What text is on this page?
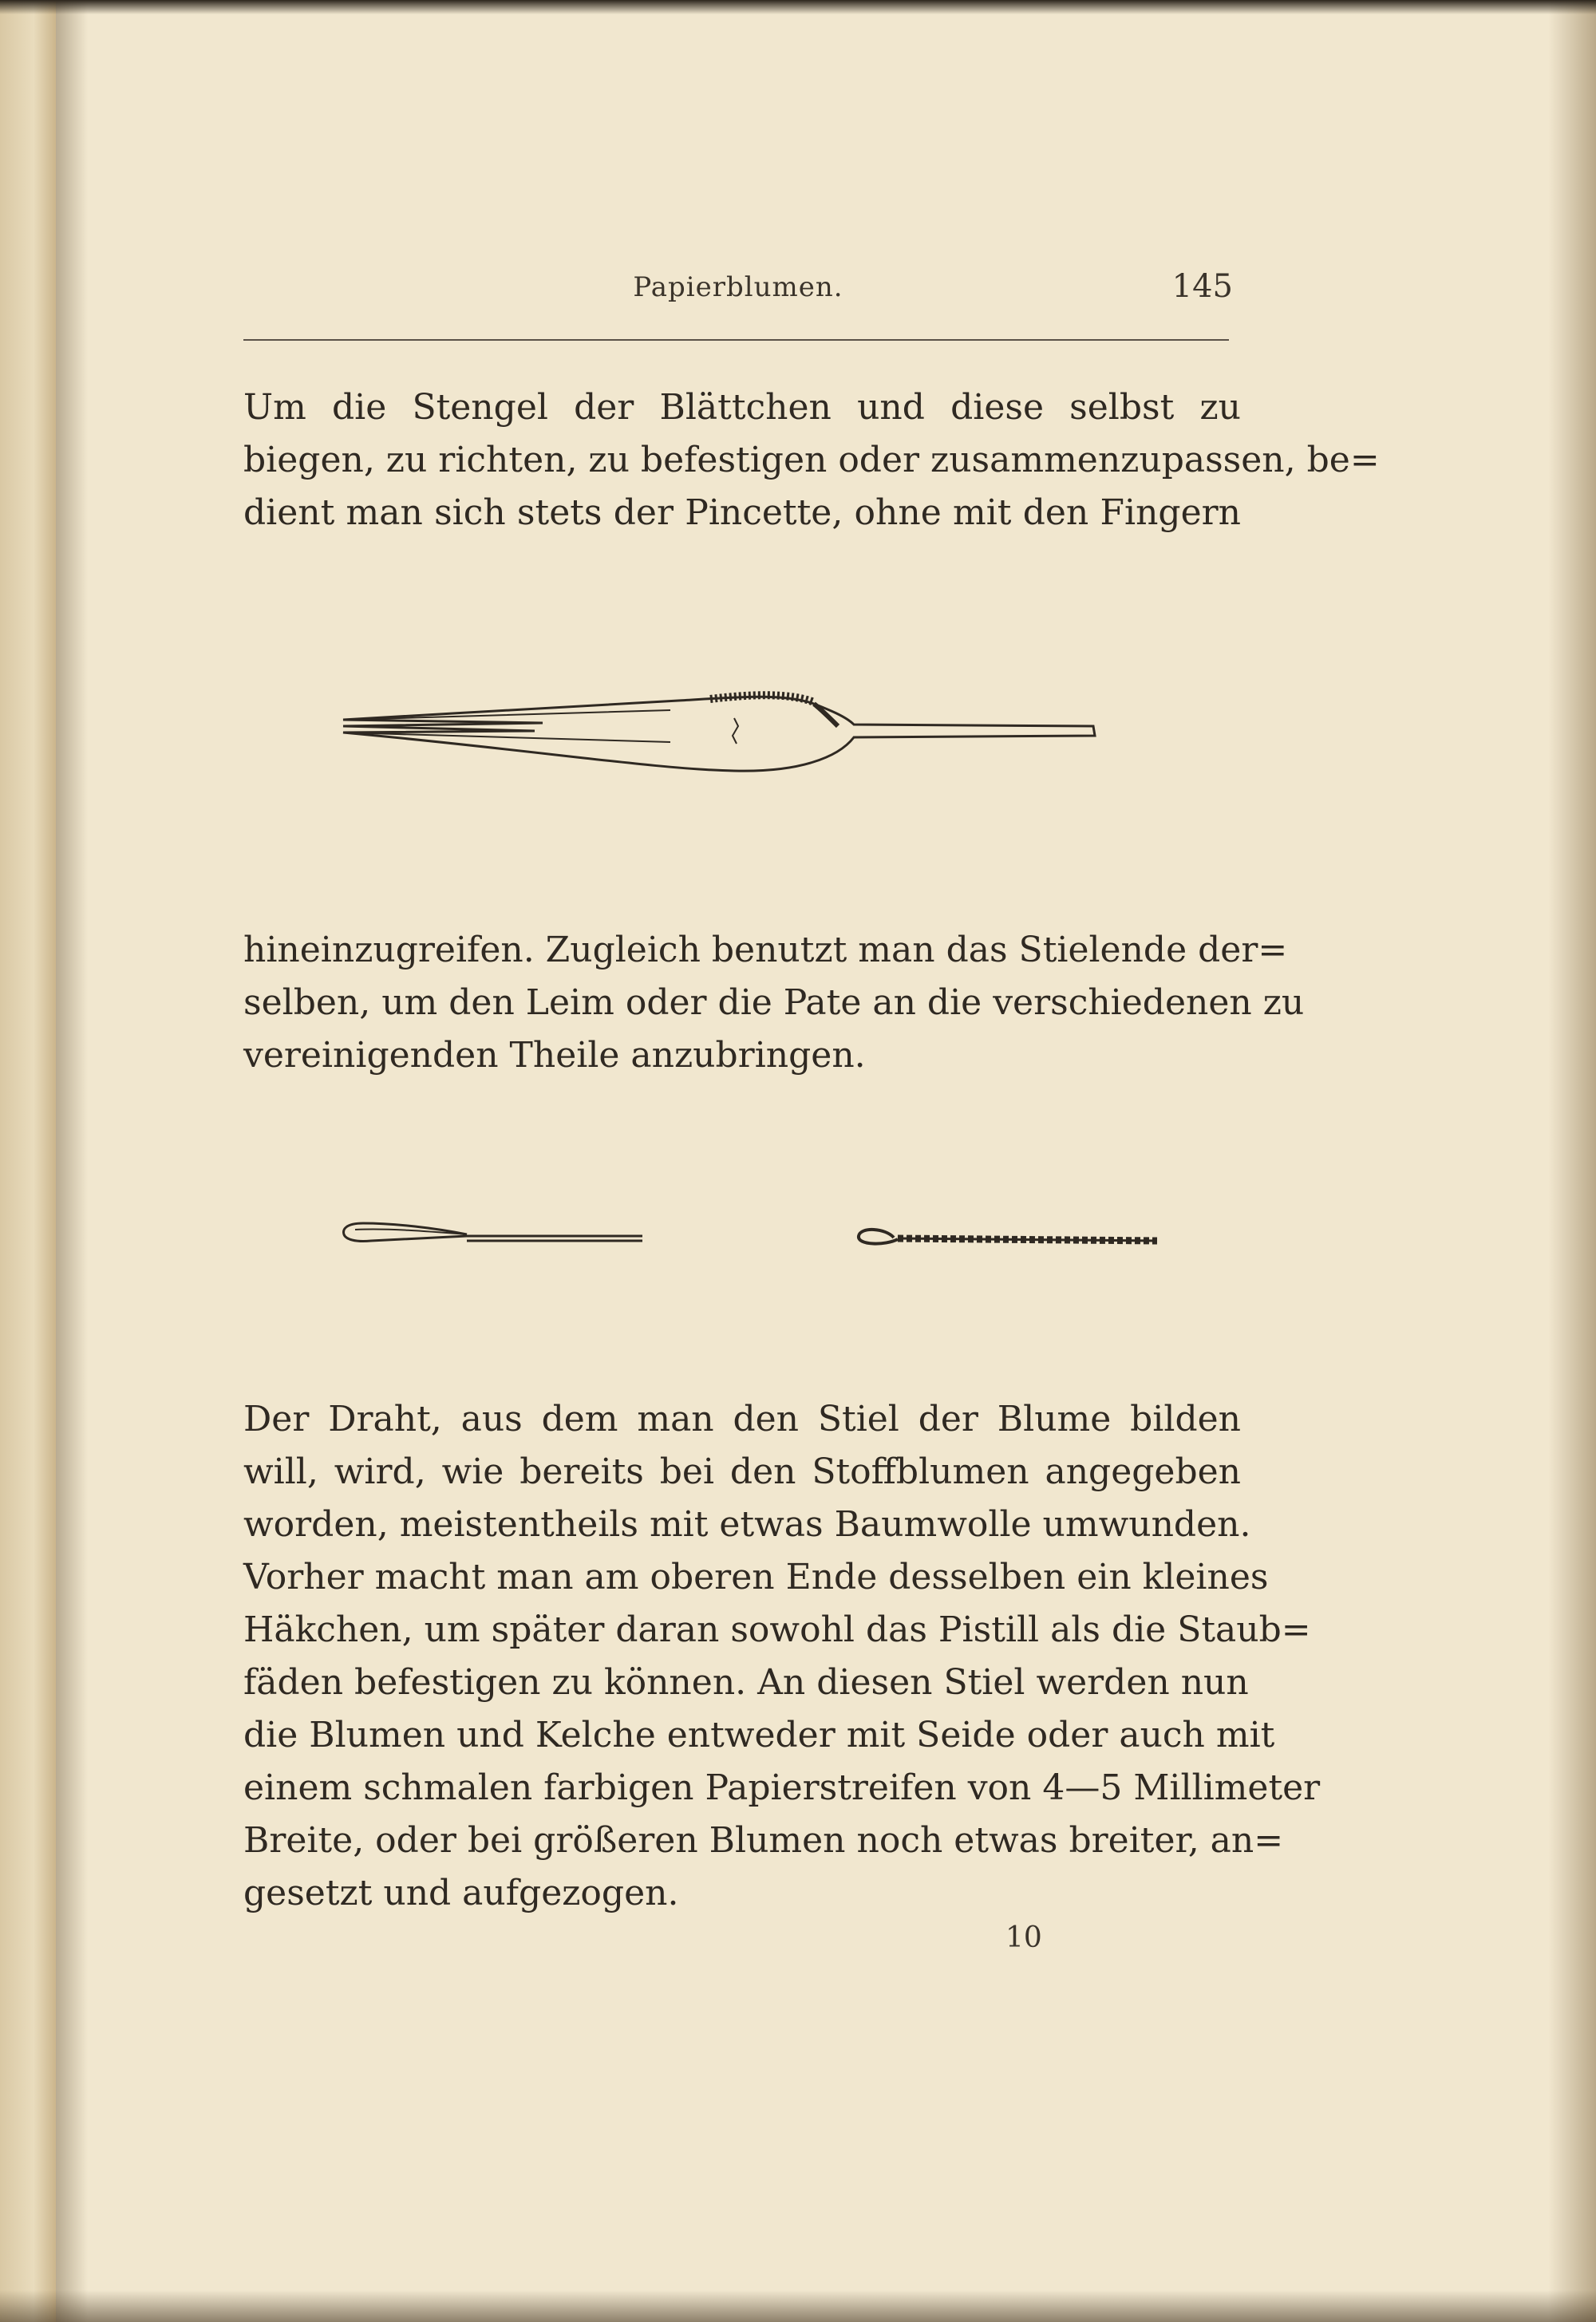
Papierblumen.	145
Um die Stengel der Blättchen und diese selbst zu
biegen, zu richten, zu befestigen oder zusammenzupassen, be=
dient man sich stets der Pincette, ohne mit den Fingern
hineinzugreifen. Zugleich benutzt man das Stielende der=
selben, um den Leim oder die Pate an die verschiedenen zu
vereinigenden Theile anzubringen.
Der Draht, aus dem man den Stiel der Blume bilden
will, wird, wie bereits bei den Stoffblumen angegeben
worden, meistentheils mit etwas Baumwolle umwunden.
Vorher macht man am oberen Ende desselben ein kleines
Häkchen, um später daran sowohl das Pistill als die Staub=
fäden befestigen zu können. An diesen Stiel werden nun
die Blumen und Kelche entweder mit Seide oder auch mit
einem schmalen farbigen Papierstreifen von 4—5 Millimeter
Breite, oder bei größeren Blumen noch etwas breiter, an=
gesetzt und aufgezogen.
10
